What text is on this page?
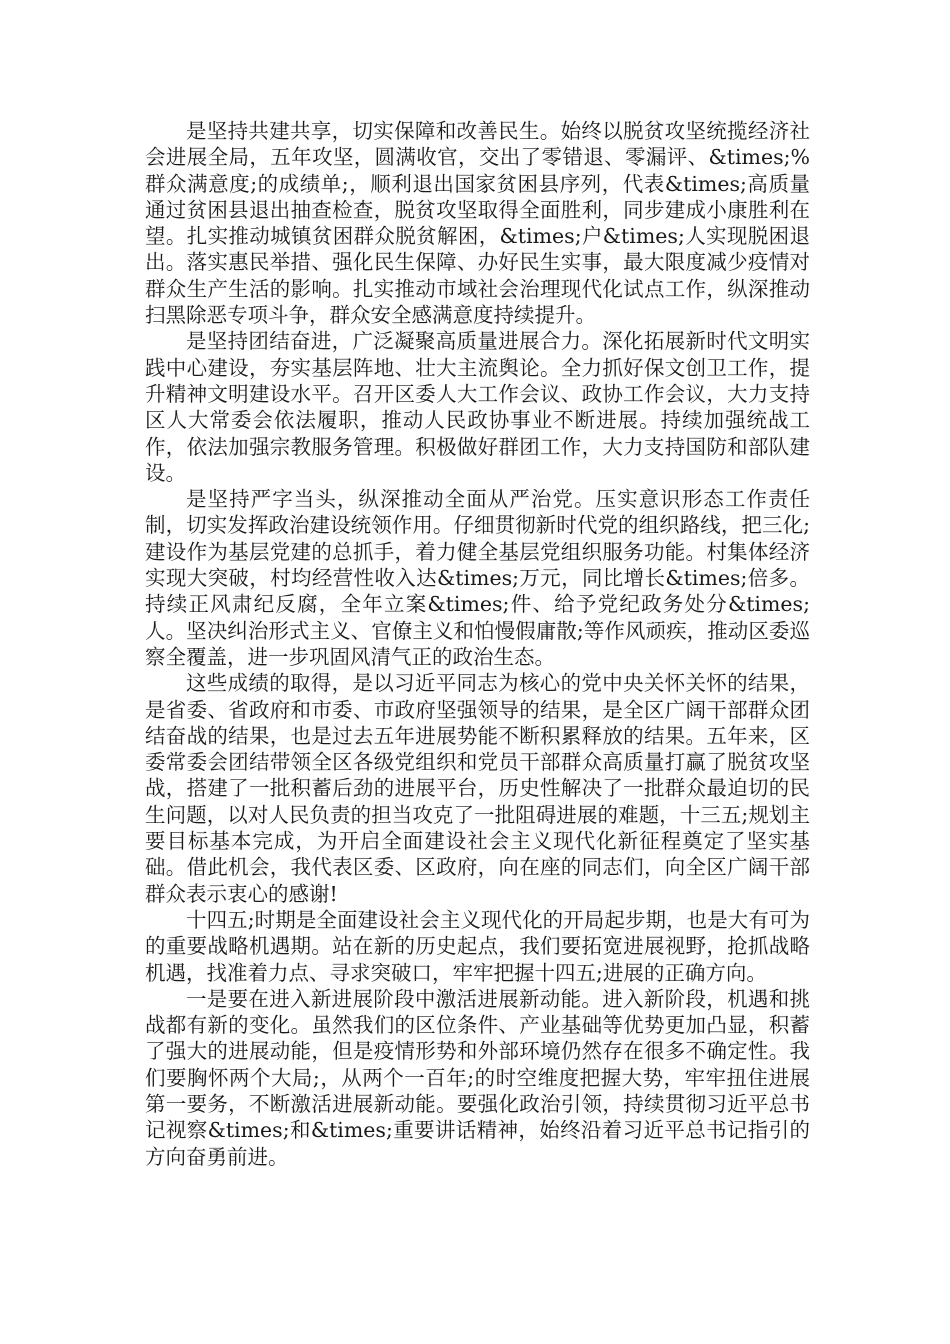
是坚持共建共享，切实保障和改善民生。始终以脱贫攻坚统揽经济社会进展全局，五年攻坚，圆满收官，交出了零错退、零漏评、&times;%群众满意度;的成绩单;，顺利退出国家贫困县序列，代表&times;高质量通过贫困县退出抽查检查，脱贫攻坚取得全面胜利，同步建成小康胜利在望。扎实推动城镇贫困群众脱贫解困，&times;户&times;人实现脱困退出。落实惠民举措、强化民生保障、办好民生实事，最大限度减少疫情对群众生产生活的影响。扎实推动市域社会治理现代化试点工作，纵深推动扫黑除恶专项斗争，群众安全感满意度持续提升。

是坚持团结奋进，广泛凝聚高质量进展合力。深化拓展新时代文明实践中心建设，夯实基层阵地、壮大主流舆论。全力抓好保文创卫工作，提升精神文明建设水平。召开区委人大工作会议、政协工作会议，大力支持区人大常委会依法履职，推动人民政协事业不断进展。持续加强统战工作，依法加强宗教服务管理。积极做好群团工作，大力支持国防和部队建设。

是坚持严字当头，纵深推动全面从严治党。压实意识形态工作责任制，切实发挥政治建设统领作用。仔细贯彻新时代党的组织路线，把三化;建设作为基层党建的总抓手，着力健全基层党组织服务功能。村集体经济实现大突破，村均经营性收入达&times;万元，同比增长&times;倍多。持续正风肃纪反腐，全年立案&times;件、给予党纪政务处分&times;人。坚决纠治形式主义、官僚主义和怕慢假庸散;等作风顽疾，推动区委巡察全覆盖，进一步巩固风清气正的政治生态。

这些成绩的取得，是以习近平同志为核心的党中央关怀关怀的结果，是省委、省政府和市委、市政府坚强领导的结果，是全区广阔干部群众团结奋战的结果，也是过去五年进展势能不断积累释放的结果。五年来，区委常委会团结带领全区各级党组织和党员干部群众高质量打赢了脱贫攻坚战，搭建了一批积蓄后劲的进展平台，历史性解决了一批群众最迫切的民生问题，以对人民负责的担当攻克了一批阻碍进展的难题，十三五;规划主要目标基本完成，为开启全面建设社会主义现代化新征程奠定了坚实基础。借此机会，我代表区委、区政府，向在座的同志们，向全区广阔干部群众表示衷心的感谢!

十四五;时期是全面建设社会主义现代化的开局起步期，也是大有可为的重要战略机遇期。站在新的历史起点，我们要拓宽进展视野，抢抓战略机遇，找准着力点、寻求突破口，牢牢把握十四五;进展的正确方向。

一是要在进入新进展阶段中激活进展新动能。进入新阶段，机遇和挑战都有新的变化。虽然我们的区位条件、产业基础等优势更加凸显，积蓄了强大的进展动能，但是疫情形势和外部环境仍然存在很多不确定性。我们要胸怀两个大局;，从两个一百年;的时空维度把握大势，牢牢扭住进展第一要务，不断激活进展新动能。要强化政治引领，持续贯彻习近平总书记视察&times;和&times;重要讲话精神，始终沿着习近平总书记指引的方向奋勇前进。
